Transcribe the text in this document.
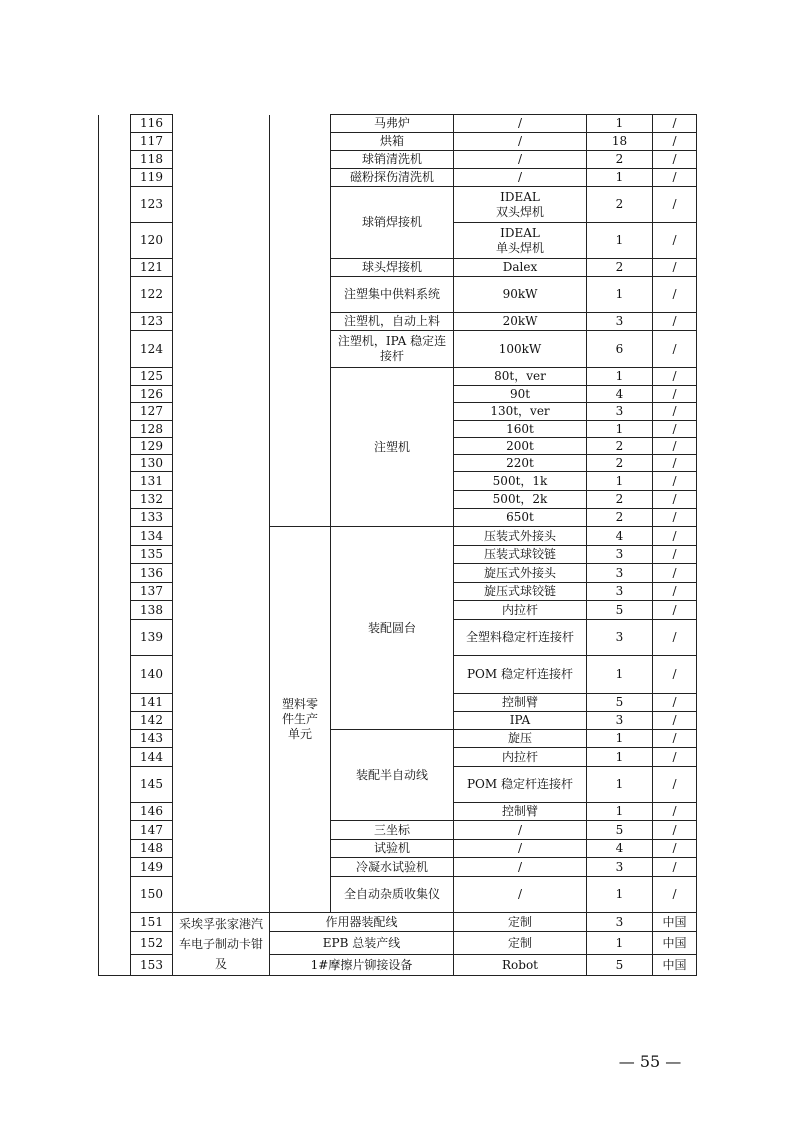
	116			马弗炉	/	1	/
	117			烘箱	/	18	/
	118			球销清洗机	/	2	/
	119			磁粉探伤清洗机	/	1	/
	123			球销焊接机	IDEAL
双头焊机	2	/
	120				IDEAL
单头焊机	1	/
	121			球头焊接机	Dalex	2	/
	122			注塑集中供料系统	90kW	1	/
	123			注塑机，自动上料	20kW	3	/
	124			注塑机，IPA 稳定连接杆	100kW	6	/
	125			注塑机	80t，ver	1	/
	126				90t	4	/
	127				130t，ver	3	/
	128				160t	1	/
	129				200t	2	/
	130				220t	2	/
	131				500t，1k	1	/
	132				500t，2k	2	/
	133				650t	2	/
	134		塑料零件生产单元	装配圆台	压装式外接头	4	/
	135				压装式球铰链	3	/
	136				旋压式外接头	3	/
	137				旋压式球铰链	3	/
	138				内拉杆	5	/
	139				全塑料稳定杆连接杆	3	/
	140				POM 稳定杆连接杆	1	/
	141				控制臂	5	/
	142				IPA	3	/
	143			装配半自动线	旋压	1	/
	144				内拉杆	1	/
	145				POM 稳定杆连接杆	1	/
	146				控制臂	1	/
	147			三坐标	/	5	/
	148			试验机	/	4	/
	149			冷凝水试验机	/	3	/
	150			全自动杂质收集仪	/	1	/
	151	采埃孚张家港汽车电子制动卡钳及	作用器装配线		定制	3	中国
	152		EPB 总装产线		定制	1	中国
	153		1#摩擦片铆接设备		Robot	5	中国
— 55 —
